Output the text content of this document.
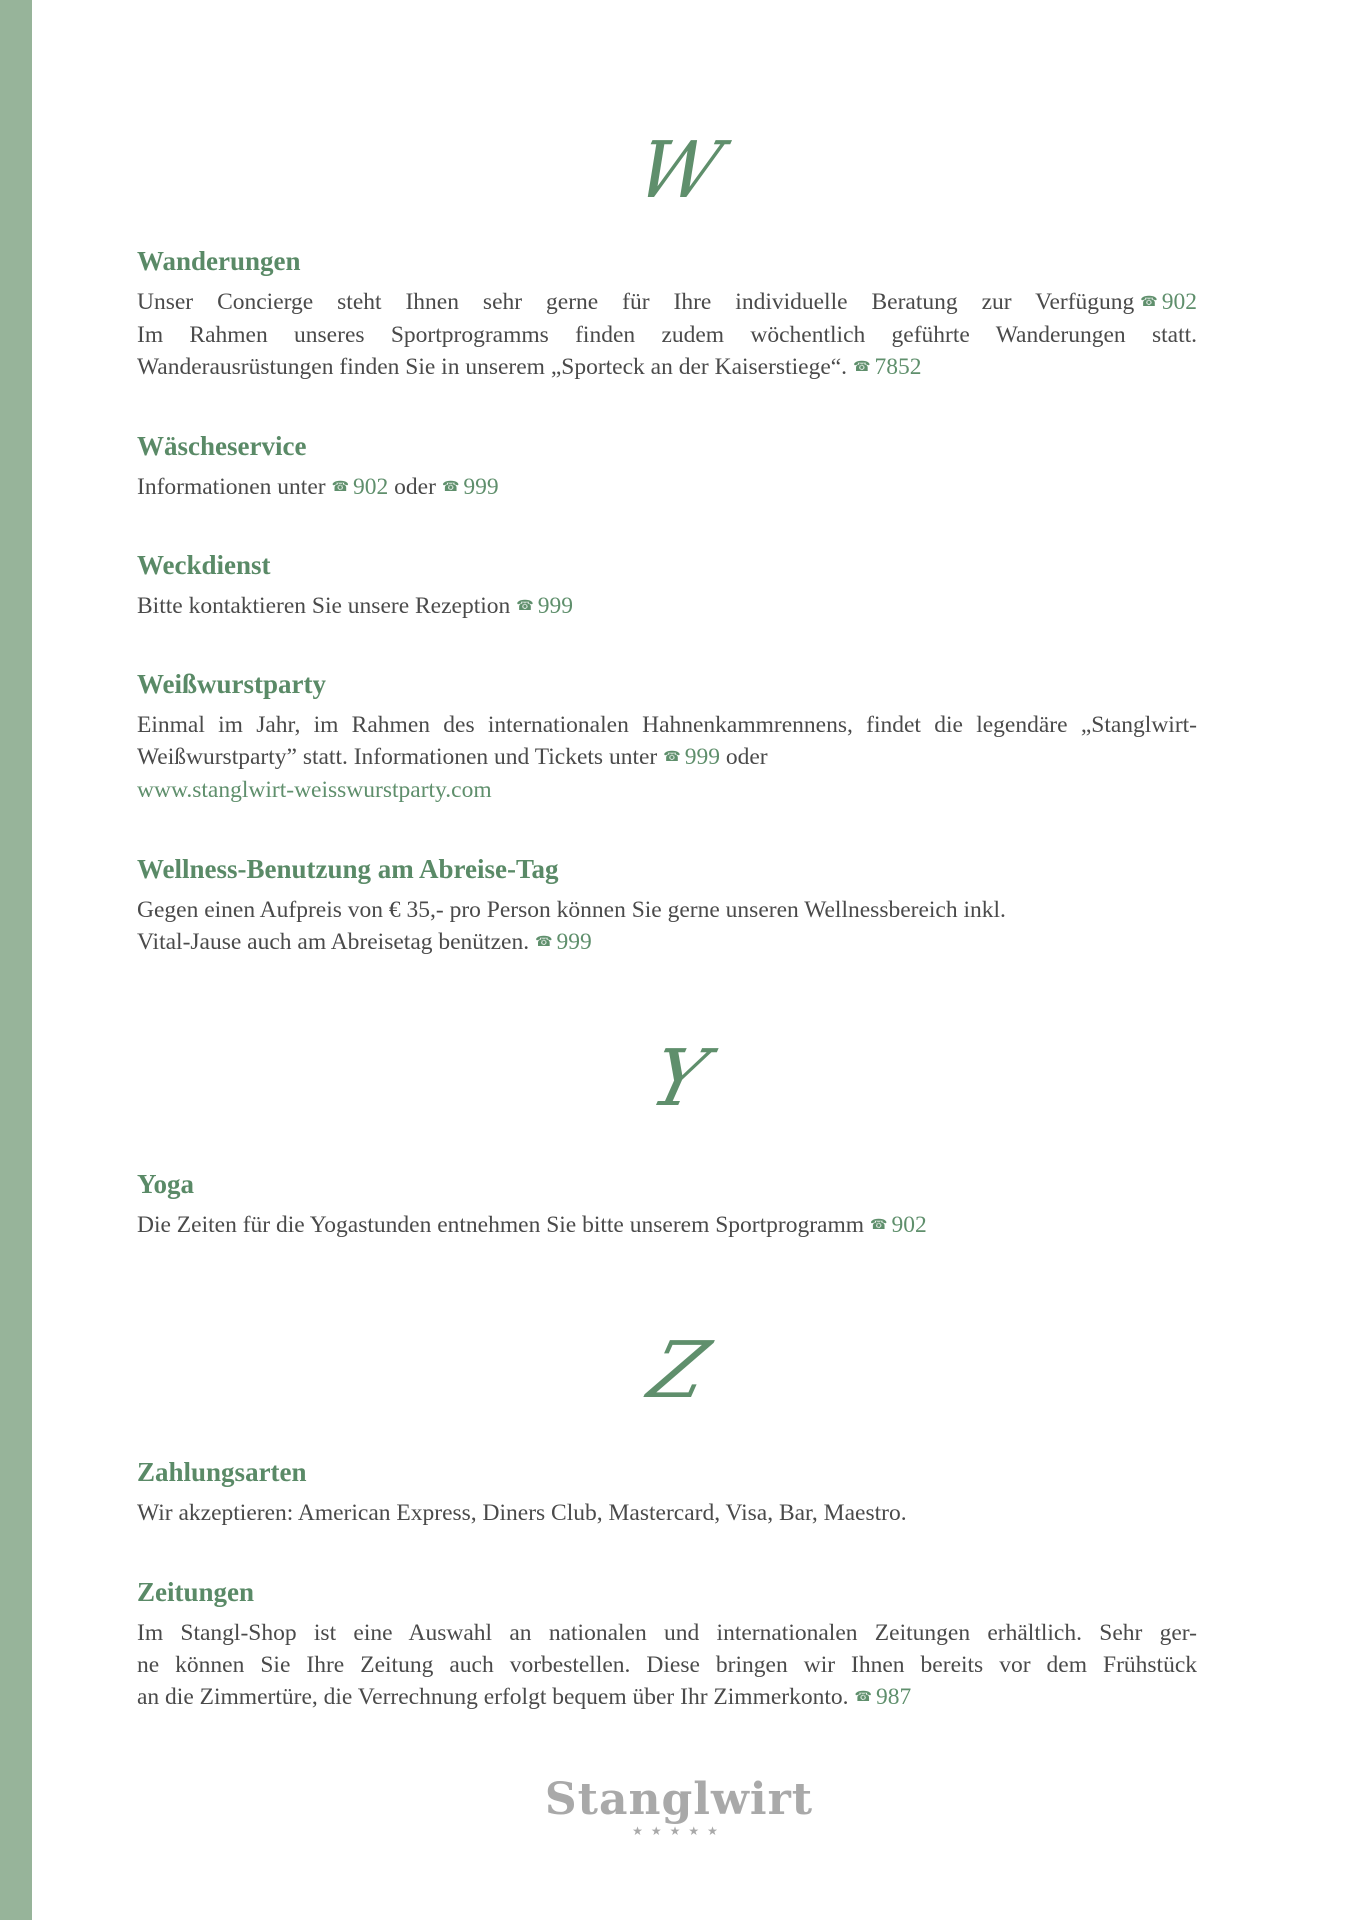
W
Wanderungen

Unser Concierge steht Ihnen sehr gerne für Ihre individuelle Beratung zur Verfügung ☎ 902
Im Rahmen unseres Sportprogramms finden zudem wöchentlich geführte Wanderungen statt.
Wanderausrüstungen finden Sie in unserem „Sporteck an der Kaiserstiege“. ☎ 7852

Wäscheservice

Informationen unter ☎ 902 oder ☎ 999

Weckdienst

Bitte kontaktieren Sie unsere Rezeption ☎ 999

Weißwurstparty

Einmal im Jahr, im Rahmen des internationalen Hahnenkammrennens, findet die legendäre „Stanglwirt-Weißwurstparty” statt. Informationen und Tickets unter ☎ 999 oder
www.stanglwirt-weisswurstparty.com

Wellness-Benutzung am Abreise-Tag

Gegen einen Aufpreis von € 35,- pro Person können Sie gerne unseren Wellnessbereich inkl.
Vital-Jause auch am Abreisetag benützen. ☎ 999

Y
Yoga

Die Zeiten für die Yogastunden entnehmen Sie bitte unserem Sportprogramm ☎ 902

Z
Zahlungsarten

Wir akzeptieren: American Express, Diners Club, Mastercard, Visa, Bar, Maestro.

Zeitungen

Im Stangl-Shop ist eine Auswahl an nationalen und internationalen Zeitungen erhältlich. Sehr ger-
ne können Sie Ihre Zeitung auch vorbestellen. Diese bringen wir Ihnen bereits vor dem Frühstück
an die Zimmertüre, die Verrechnung erfolgt bequem über Ihr Zimmerkonto. ☎ 987

Stanglwirt
★★★★★
